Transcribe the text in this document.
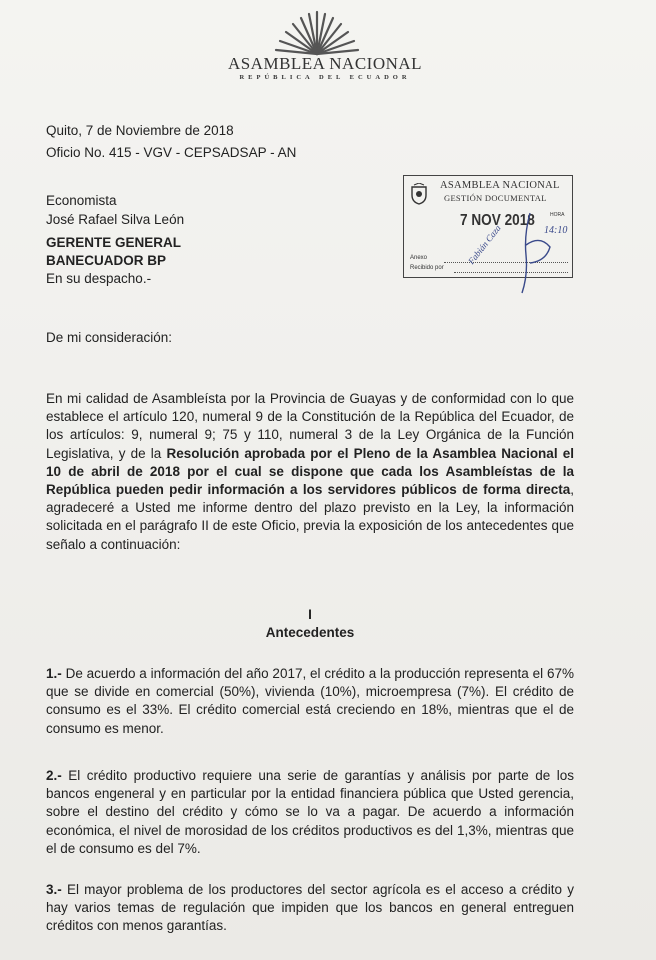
ASAMBLEA NACIONAL
REPÚBLICA DEL ECUADOR
Quito, 7 de Noviembre de 2018
Oficio No. 415 - VGV - CEPSADSAP - AN
Economista
José Rafael Silva León
GERENTE GENERAL
BANECUADOR BP
En su despacho.-
ASAMBLEA NACIONAL
GESTIÓN DOCUMENTAL
7 NOV 2018	HORA
14:10
Anexo
Recibido por
Fabián Caza
De mi consideración:

En mi calidad de Asambleísta por la Provincia de Guayas y de conformidad con lo que establece el artículo 120, numeral 9 de la Constitución de la República del Ecuador, de los artículos: 9, numeral 9; 75 y 110, numeral 3 de la Ley Orgánica de la Función Legislativa, y de la Resolución aprobada por el Pleno de la Asamblea Nacional el 10 de abril de 2018 por el cual se dispone que cada los Asambleístas de la República pueden pedir información a los servidores públicos de forma directa, agradeceré a Usted me informe dentro del plazo previsto en la Ley, la información solicitada en el parágrafo II de este Oficio, previa la exposición de los antecedentes que señalo a continuación:

I
Antecedentes

1.- De acuerdo a información del año 2017, el crédito a la producción representa el 67% que se divide en comercial (50%), vivienda (10%), microempresa (7%). El crédito de consumo es el 33%. El crédito comercial está creciendo en 18%, mientras que el de consumo es menor.

2.- El crédito productivo requiere una serie de garantías y análisis por parte de los bancos engeneral y en particular por la entidad financiera pública que Usted gerencia, sobre el destino del crédito y cómo se lo va a pagar. De acuerdo a información económica, el nivel de morosidad de los créditos productivos es del 1,3%, mientras que el de consumo es del 7%.

3.- El mayor problema de los productores del sector agrícola es el acceso a crédito y hay varios temas de regulación que impiden que los bancos en general entreguen créditos con menos garantías.
